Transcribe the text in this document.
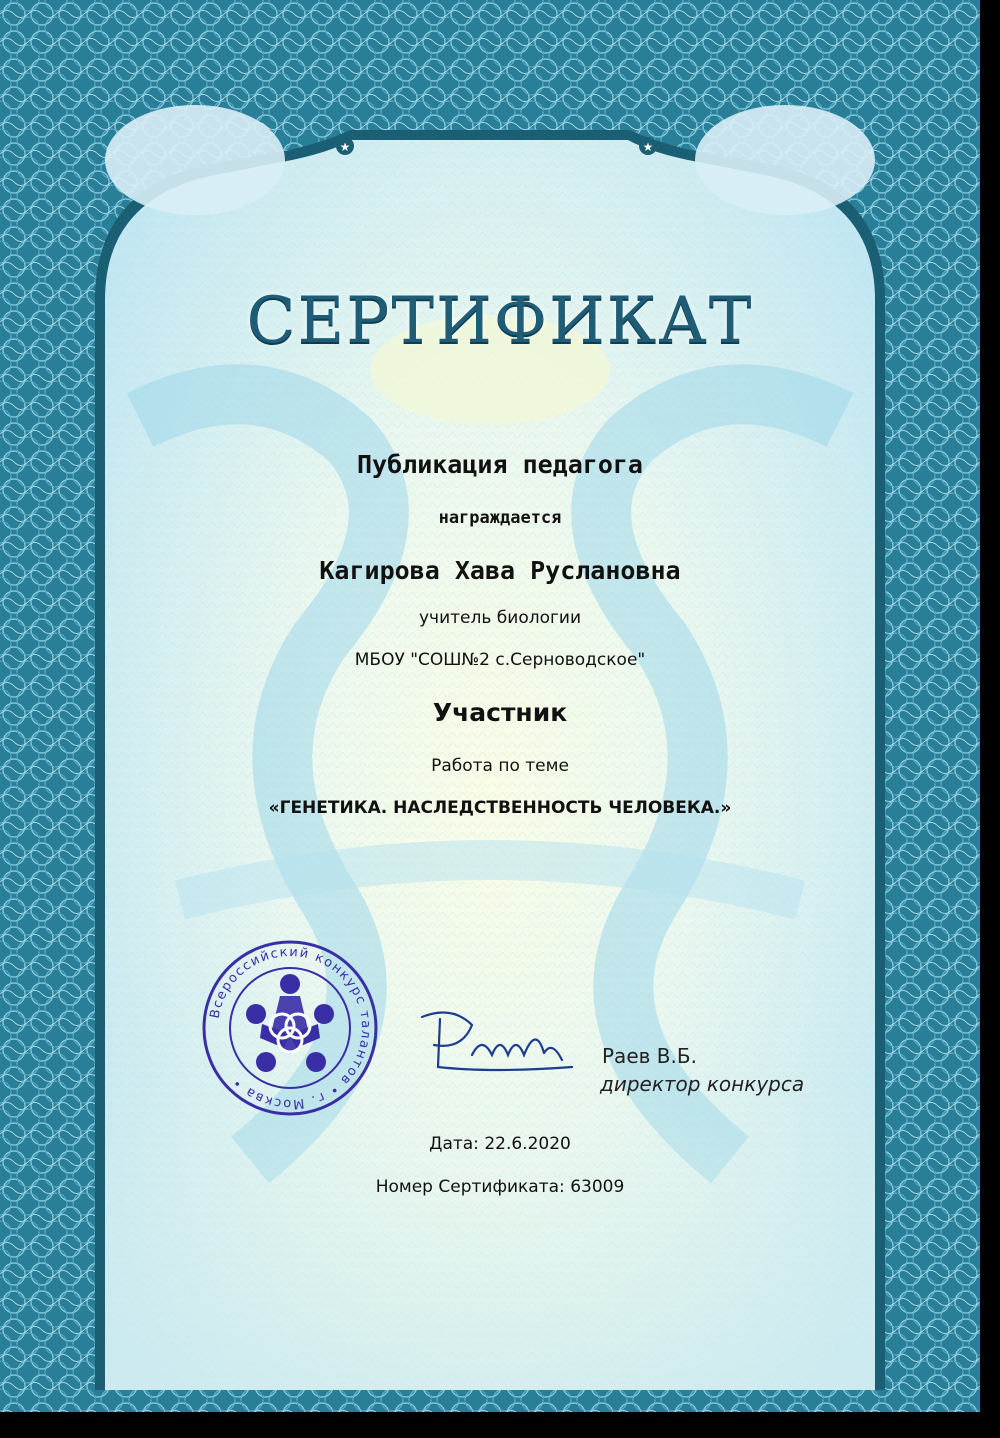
★	★
СЕРТИФИКАТ
Публикация педагога
награждается
Кагирова Хава Руслановна
учитель биологии
МБОУ "СОШ№2 с.Серноводское"
Участник
Работа по теме
«ГЕНЕТИКА. НАСЛЕДСТВЕННОСТЬ ЧЕЛОВЕКА.»
Всероссийский конкурс талантов • г. Москва •
Раев В.Б.
директор конкурса
Дата: 22.6.2020
Номер Сертификата: 63009
